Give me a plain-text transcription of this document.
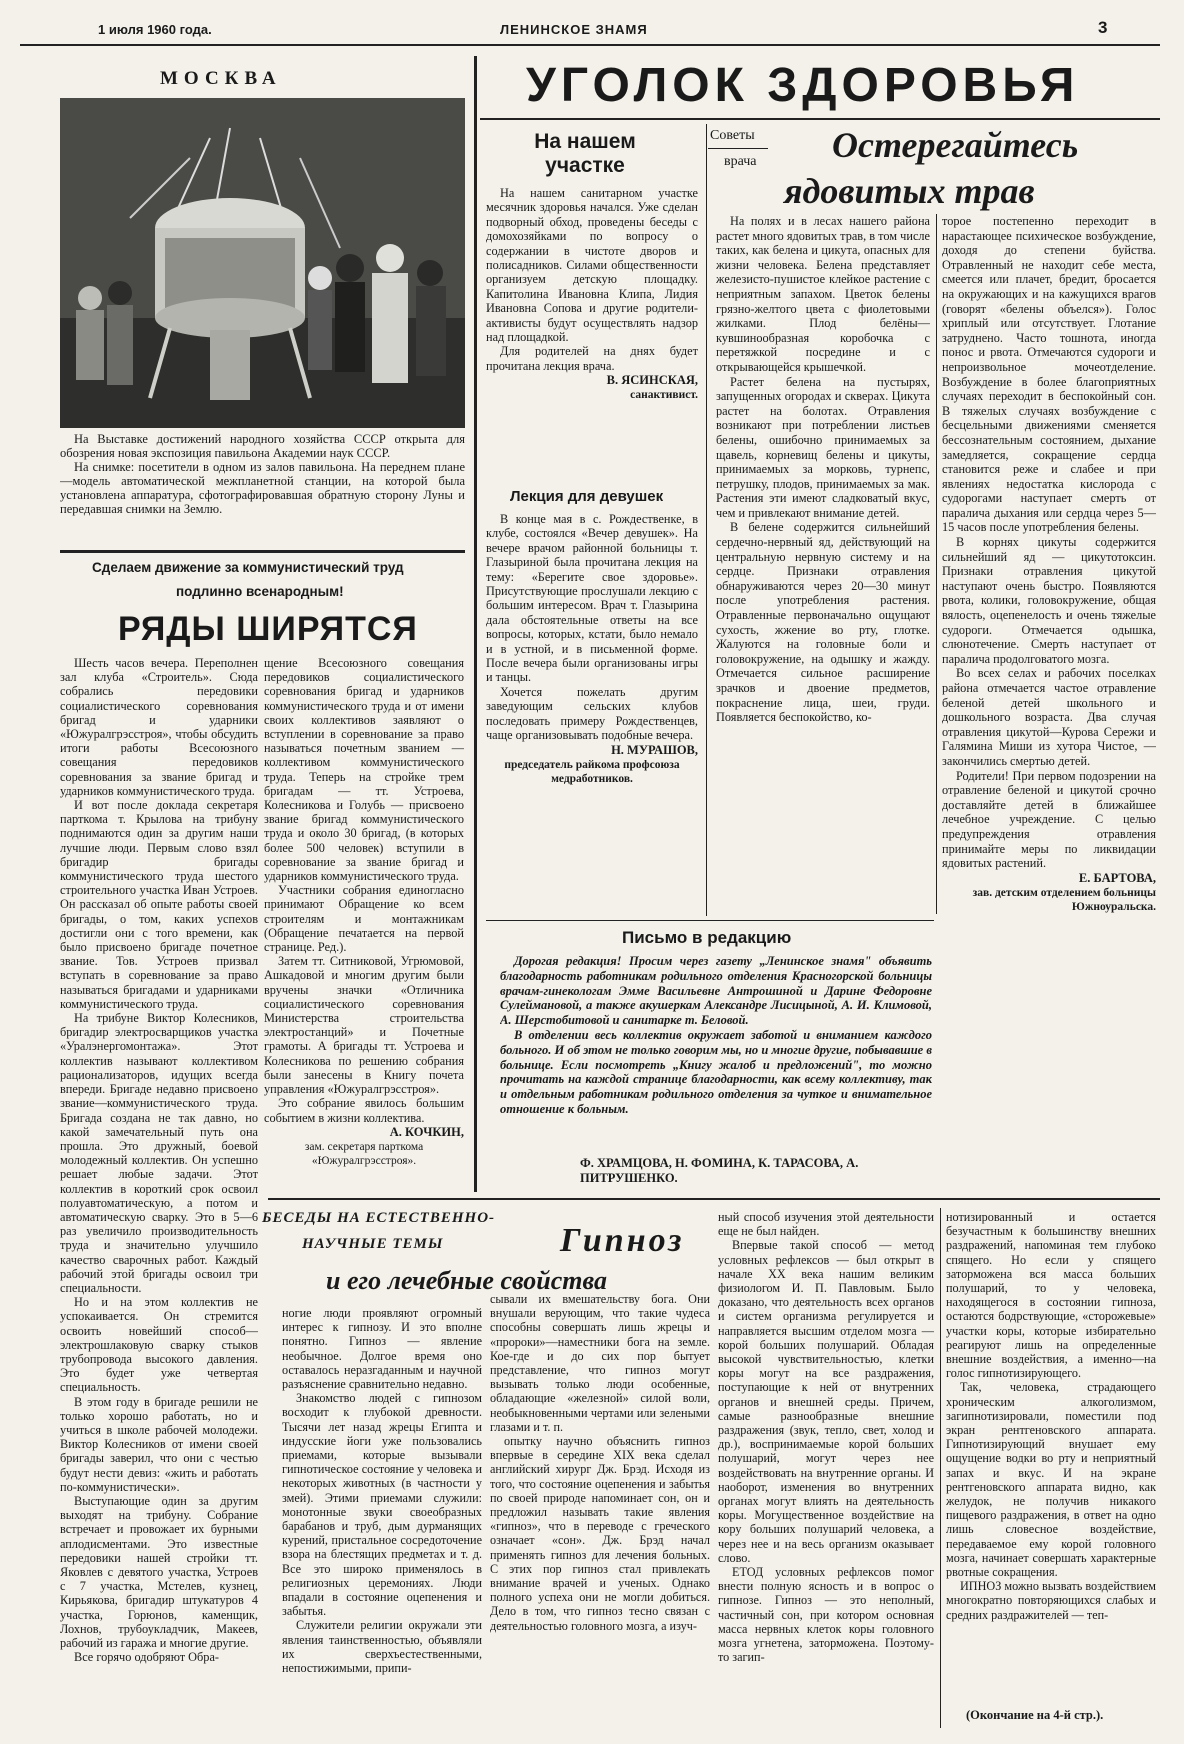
1 июля 1960 года.	ЛЕНИНСКОЕ ЗНАМЯ	3
МОСКВА

На Выставке достижений народного хозяйства СССР открыта для обозрения новая экспозиция павильона Академии наук СССР.

На снимке: посетители в одном из залов павильона. На переднем плане—модель автоматической межпланетной станции, на которой была установлена аппаратура, сфотографировавшая обратную сторону Луны и передавшая снимки на Землю.

Сделаем движение за коммунистический труд
подлинно всенародным!
РЯДЫ ШИРЯТСЯ

Шесть часов вечера. Переполнен зал клуба «Строитель». Сюда собрались передовики социалистического соревнования бригад и ударники «Южуралгрэсстроя», чтобы обсудить итоги работы Всесоюзного совещания передовиков соревнования за звание бригад и ударников коммунистического труда.

И вот после доклада секретаря парткома т. Крылова на трибуну поднимаются один за другим наши лучшие люди. Первым слово взял бригадир бригады коммунистического труда шестого строительного участка Иван Устроев. Он рассказал об опыте работы своей бригады, о том, каких успехов достигли они с того времени, как было присвоено бригаде почетное звание. Тов. Устроев призвал вступать в соревнование за право называться бригадами и ударниками коммунистического труда.

На трибуне Виктор Колесников, бригадир электросварщиков участка «Уралэнергомонтажа». Этот коллектив называют коллективом рационализаторов, идущих всегда впереди. Бригаде недавно присвоено звание—коммунистического труда. Бригада создана не так давно, но какой замечательный путь она прошла. Это дружный, боевой молодежный коллектив. Он успешно решает любые задачи. Этот коллектив в короткий срок освоил полуавтоматическую, а потом и автоматическую сварку. Это в 5—6 раз увеличило производительность труда и значительно улучшило качество сварочных работ. Каждый рабочий этой бригады освоил три специальности.

Но и на этом коллектив не успокаивается. Он стремится освоить новейший способ—электрошлаковую сварку стыков трубопровода высокого давления. Это будет уже четвертая специальность.

В этом году в бригаде решили не только хорошо работать, но и учиться в школе рабочей молодежи. Виктор Колесников от имени своей бригады заверил, что они с честью будут нести девиз: «жить и работать по-коммунистически».

Выступающие один за другим выходят на трибуну. Собрание встречает и провожает их бурными аплодисментами. Это известные передовики нашей стройки тт. Яковлев с девятого участка, Устроев с 7 участка, Мстелев, кузнец, Кирьякова, бригадир штукатуров 4 участка, Горюнов, каменщик, Лохнов, трубоукладчик, Макеев, рабочий из гаража и многие другие.

Все горячо одобряют Обра-

щение Всесоюзного совещания передовиков социалистического соревнования бригад и ударников коммунистического труда и от имени своих коллективов заявляют о вступлении в соревнование за право называться почетным званием — коллективом коммунистического труда. Теперь на стройке трем бригадам — тт. Устроева, Колесникова и Голубь — присвоено звание бригад коммунистического труда и около 30 бригад, (в которых более 500 человек) вступили в соревнование за звание бригад и ударников коммунистического труда.

Участники собрания единогласно принимают Обращение ко всем строителям и монтажникам (Обращение печатается на первой странице. Ред.).

Затем тт. Ситниковой, Угрюмовой, Ашкадовой и многим другим были вручены значки «Отличника социалистического соревнования Министерства строительства электростанций» и Почетные грамоты. А бригады тт. Устроева и Колесникова по решению собрания были занесены в Книгу почета управления «Южуралгрэсстроя».

Это собрание явилось большим событием в жизни коллектива.

А. КОЧКИН,
зам. секретаря парткома «Южуралгрэсстроя».
УГОЛОК ЗДОРОВЬЯ
На нашем участке

На нашем санитарном участке месячник здоровья начался. Уже сделан подворный обход, проведены беседы с домохозяйками по вопросу о содержании в чистоте дворов и полисадников. Силами общественности организуем детскую площадку. Капитолина Ивановна Клипа, Лидия Ивановна Сопова и другие родители-активисты будут осуществлять надзор над площадкой.

Для родителей на днях будет прочитана лекция врача.

В. ЯСИНСКАЯ,
санактивист.
Лекция для девушек

В конце мая в с. Рождественке, в клубе, состоялся «Вечер девушек». На вечере врачом районной больницы т. Глазыриной была прочитана лекция на тему: «Берегите свое здоровье». Присутствующие прослушали лекцию с большим интересом. Врач т. Глазырина дала обстоятельные ответы на все вопросы, которых, кстати, было немало и в устной, и в письменной форме. После вечера были организованы игры и танцы.

Хочется пожелать другим заведующим сельских клубов последовать примеру Рождественцев, чаще организовывать подобные вечера.

Н. МУРАШОВ,
председатель райкома профсоюза медработников.
Советы
врача Остерегайтесь
ядовитых трав

На полях и в лесах нашего района растет много ядовитых трав, в том числе таких, как белена и цикута, опасных для жизни человека. Белена представляет железисто-пушистое клейкое растение с неприятным запахом. Цветок белены грязно-желтого цвета с фиолетовыми жилками. Плод белёны—кувшинообразная коробочка с перетяжкой посредине и с открывающейся крышечкой.

Растет белена на пустырях, запущенных огородах и скверах. Цикута растет на болотах. Отравления возникают при потреблении листьев белены, ошибочно принимаемых за щавель, корневищ белены и цикуты, принимаемых за морковь, турнепс, петрушку, плодов, принимаемых за мак. Растения эти имеют сладковатый вкус, чем и привлекают внимание детей.

В белене содержится сильнейший сердечно-нервный яд, действующий на центральную нервную систему и на сердце. Признаки отравления обнаруживаются через 20—30 минут после употребления растения. Отравленные первоначально ощущают сухость, жжение во рту, глотке. Жалуются на головные боли и головокружение, на одышку и жажду. Отмечается сильное расширение зрачков и двоение предметов, покраснение лица, шеи, груди. Появляется беспокойство, ко-

торое постепенно переходит в нарастающее психическое возбуждение, доходя до степени буйства. Отравленный не находит себе места, смеется или плачет, бредит, бросается на окружающих и на кажущихся врагов (говорят «белены объелся»). Голос хриплый или отсутствует. Глотание затруднено. Часто тошнота, иногда понос и рвота. Отмечаются судороги и непроизвольное мочеотделение. Возбуждение в более благоприятных случаях переходит в беспокойный сон. В тяжелых случаях возбуждение с бесцельными движениями сменяется бессознательным состоянием, дыхание замедляется, сокращение сердца становится реже и слабее и при явлениях недостатка кислорода с судорогами наступает смерть от паралича дыхания или сердца через 5—15 часов после употребления белены.

В корнях цикуты содержится сильнейший яд — цикутотоксин. Признаки отравления цикутой наступают очень быстро. Появляются рвота, колики, головокружение, общая вялость, оцепенелость и очень тяжелые судороги. Отмечается одышка, слюнотечение. Смерть наступает от паралича продолговатого мозга.

Во всех селах и рабочих поселках района отмечается частое отравление беленой детей школьного и дошкольного возраста. Два случая отравления цикутой—Курова Сережи и Галямина Миши из хутора Чистое, — закончились смертью детей.

Родители! При первом подозрении на отравление беленой и цикутой срочно доставляйте детей в ближайшее лечебное учреждение. С целью предупреждения отравления принимайте меры по ликвидации ядовитых растений.

Е. БАРТОВА,
зав. детским отделением больницы Южноуральска.
Письмо в редакцию

Дорогая редакция! Просим через газету „Ленинское знамя" объявить благодарность работникам родильного отделения Красногорской больницы врачам-гинекологам Эмме Васильевне Антрошиной и Дарине Федоровне Сулеймановой, а также акушеркам Александре Лисицыной, А. И. Климовой, А. Шерстобитовой и санитарке т. Беловой.

В отделении весь коллектив окружает заботой и вниманием каждого больного. И об этом не только говорим мы, но и многие другие, побывавшие в больнице. Если посмотреть „Книгу жалоб и предложений", то можно прочитать на каждой странице благодарности, как всему коллективу, так и отдельным работникам родильного отделения за чуткое и внимательное отношение к больным.

Ф. ХРАМЦОВА, Н. ФОМИНА, К. ТАРАСОВА, А. ПИТРУШЕНКО.
БЕСЕДЫ НА ЕСТЕСТВЕННО-
НАУЧНЫЕ ТЕМЫ	Гипноз
и его лечебные свойства

ногие люди проявляют огромный интерес к гипнозу. И это вполне понятно. Гипноз — явление необычное. Долгое время оно оставалось неразгаданным и научной разъяснение сравнительно недавно.

Знакомство людей с гипнозом восходит к глубокой древности. Тысячи лет назад жрецы Египта и индусские йоги уже пользовались приемами, которые вызывали гипнотическое состояние у человека и некоторых животных (в частности у змей). Этими приемами служили: монотонные звуки своеобразных барабанов и труб, дым дурманящих курений, пристальное сосредоточение взора на блестящих предметах и т. д. Все это широко применялось в религиозных церемониях. Люди впадали в состояние оцепенения и забытья.

Служители религии окружали эти явления таинственностью, объявляли их сверхъестественными, непостижимыми, припи-

сывали их вмешательству бога. Они внушали верующим, что такие чудеса способны совершать лишь жрецы и «пророки»—наместники бога на земле. Кое-где и до сих пор бытует представление, что гипноз могут вызывать только люди особенные, обладающие «железной» силой воли, необыкновенными чертами или зелеными глазами и т. п.

опытку научно объяснить гипноз впервые в середине XIX века сделал английский хирург Дж. Брэд. Исходя из того, что состояние оцепенения и забытья по своей природе напоминает сон, он и предложил называть такие явления «гипноз», что в переводе с греческого означает «сон». Дж. Брэд начал применять гипноз для лечения больных. С этих пор гипноз стал привлекать внимание врачей и ученых. Однако полного успеха они не могли добиться. Дело в том, что гипноз тесно связан с деятельностью головного мозга, а изуч-

ный способ изучения этой деятельности еще не был найден.

Впервые такой способ — метод условных рефлексов — был открыт в начале XX века нашим великим физиологом И. П. Павловым. Было доказано, что деятельность всех органов и систем организма регулируется и направляется высшим отделом мозга — корой больших полушарий. Обладая высокой чувствительностью, клетки коры могут на все раздражения, поступающие к ней от внутренних органов и внешней среды. Причем, самые разнообразные внешние раздражения (звук, тепло, свет, холод и др.), воспринимаемые корой больших полушарий, могут через нее воздействовать на внутренние органы. И наоборот, изменения во внутренних органах могут влиять на деятельность коры. Могущественное воздействие на кору больших полушарий человека, а через нее и на весь организм оказывает слово.

ЕТОД условных рефлексов помог внести полную ясность и в вопрос о гипнозе. Гипноз — это неполный, частичный сон, при котором основная масса нервных клеток коры головного мозга угнетена, заторможена. Поэтому-то загип-

нотизированный и остается безучастным к большинству внешних раздражений, напоминая тем глубоко спящего. Но если у спящего заторможена вся масса больших полушарий, то у человека, находящегося в состоянии гипноза, остаются бодрствующие, «сторожевые» участки коры, которые избирательно реагируют лишь на определенные внешние воздействия, а именно—на голос гипнотизирующего.

Так, человека, страдающего хроническим алкоголизмом, загипнотизировали, поместили под экран рентгеновского аппарата. Гипнотизирующий внушает ему ощущение водки во рту и неприятный запах и вкус. И на экране рентгеновского аппарата видно, как желудок, не получив никакого пищевого раздражения, в ответ на одно лишь словесное воздействие, передаваемое ему корой головного мозга, начинает совершать характерные рвотные сокращения.

ИПНОЗ можно вызвать воздействием многократно повторяющихся слабых и средних раздражителей — теп-

(Окончание на 4-й стр.).
